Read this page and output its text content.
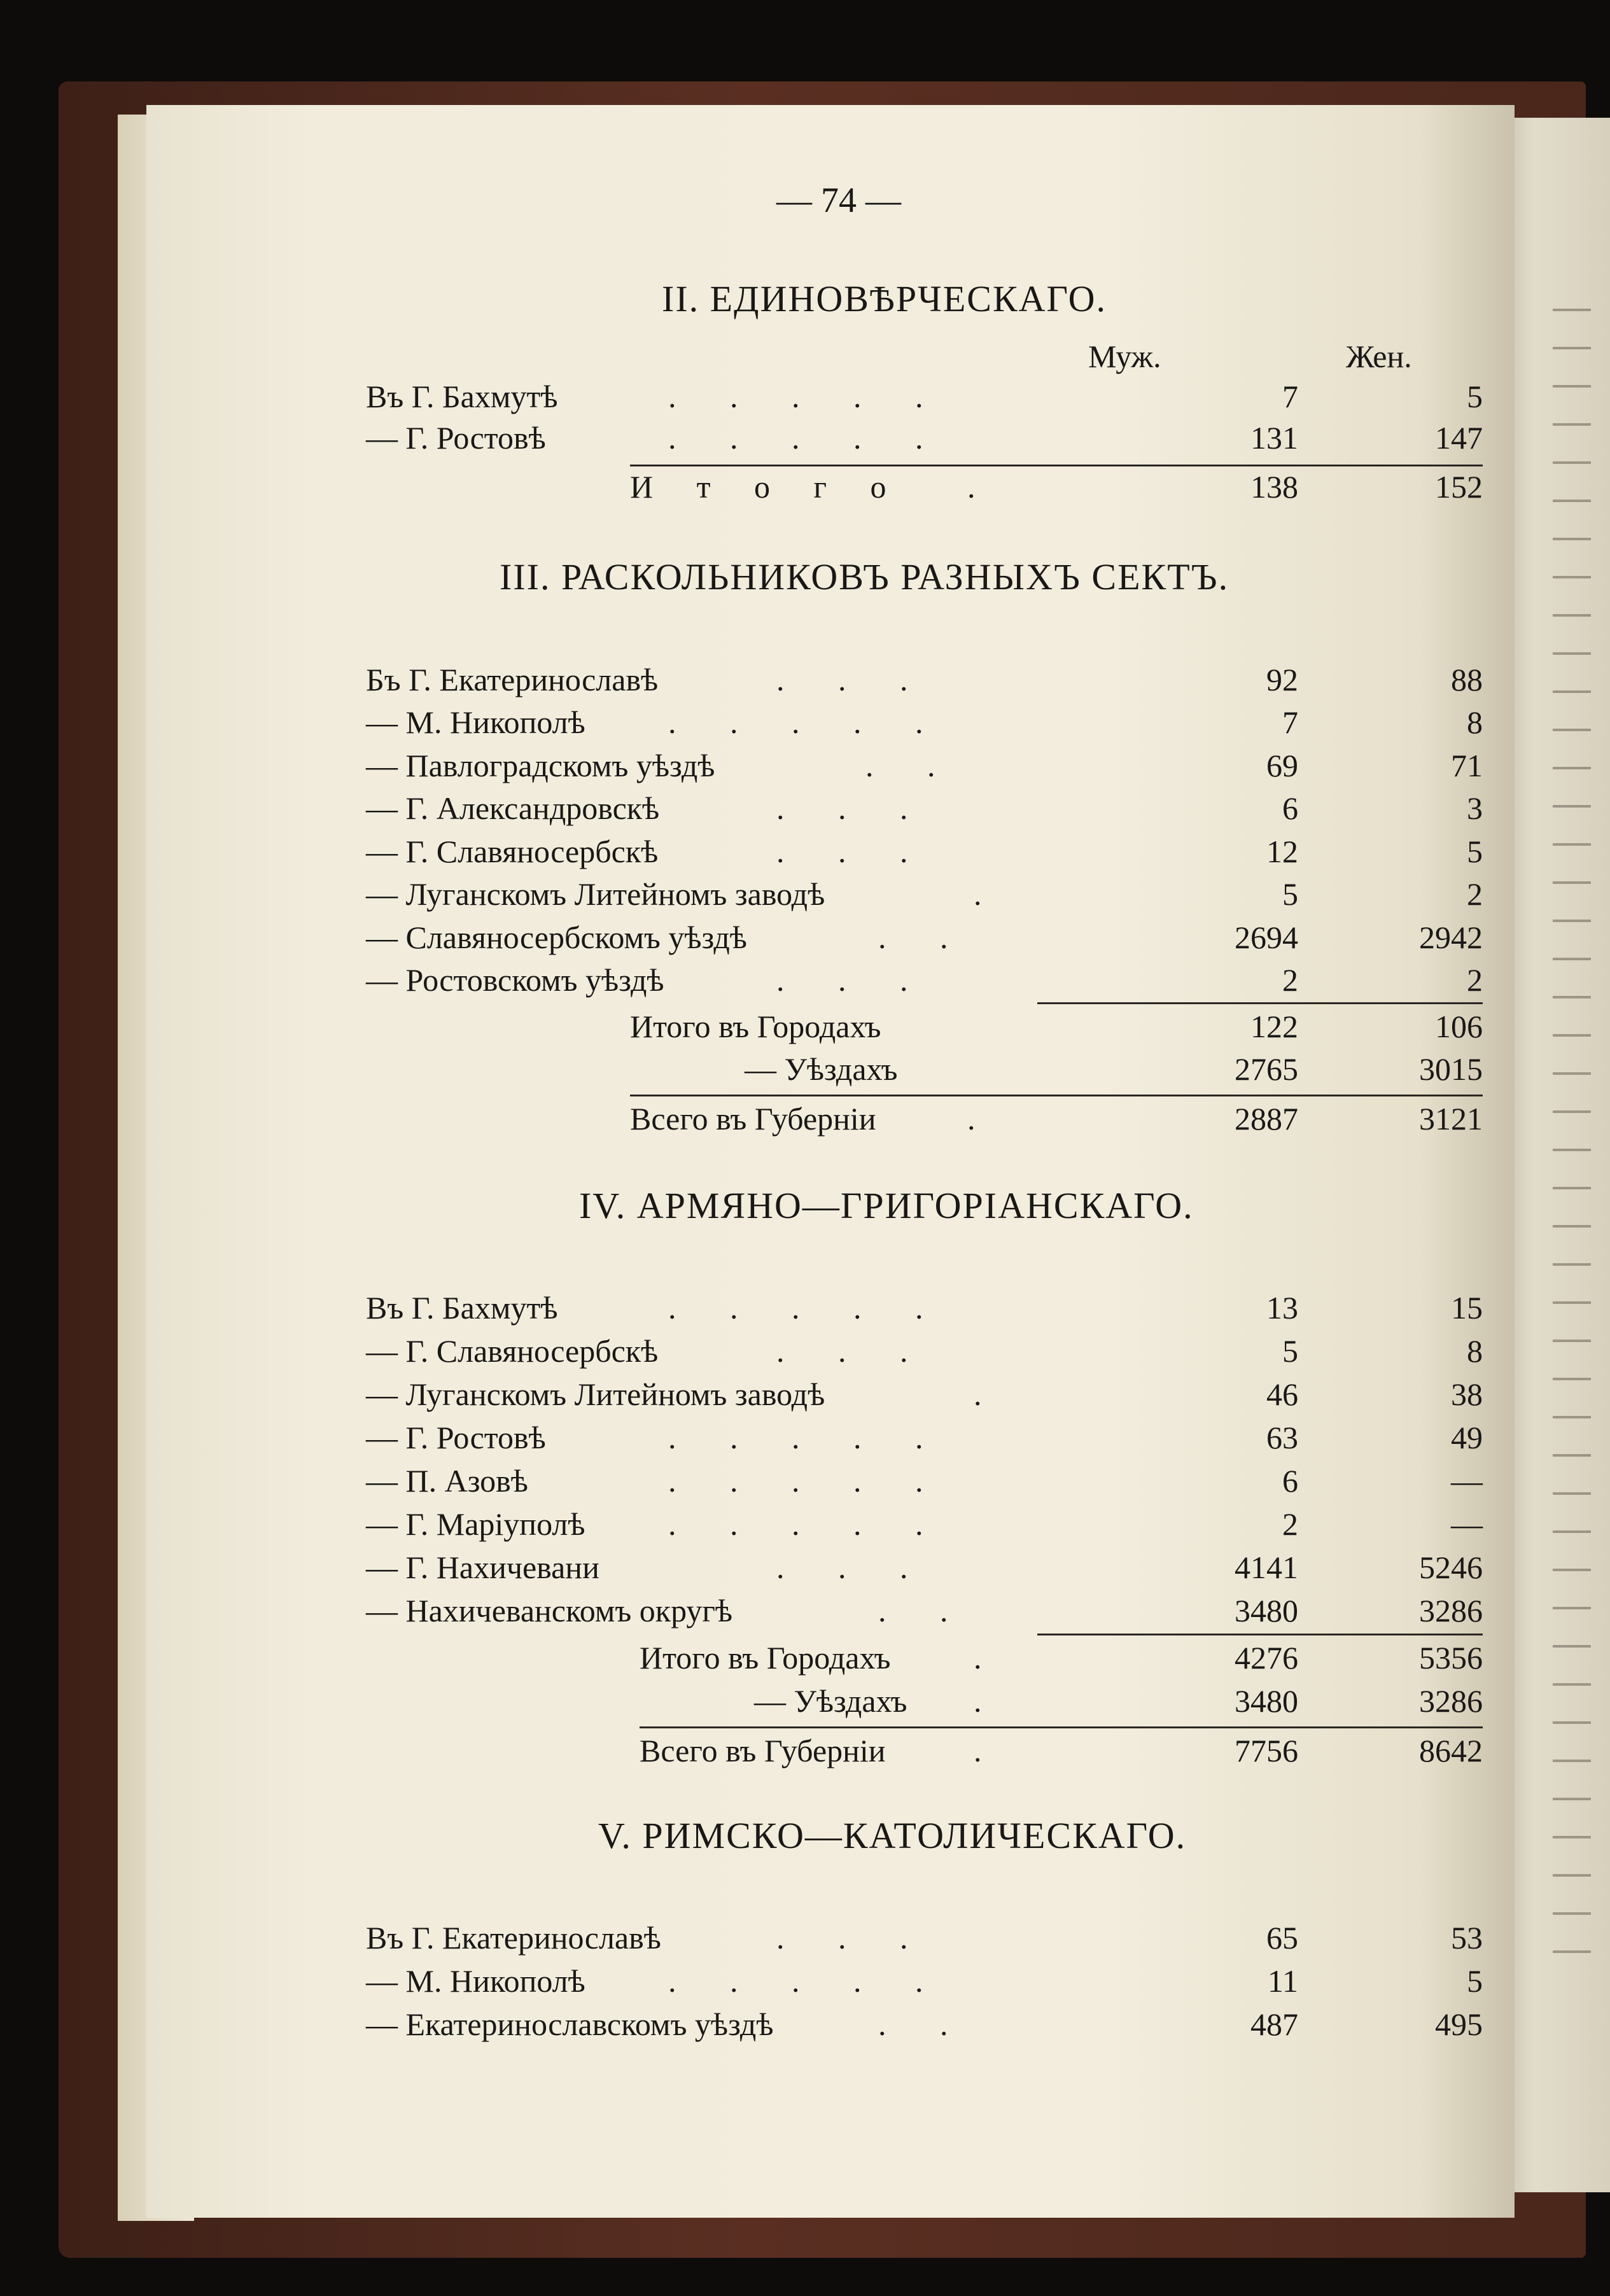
— 74 —
II. ЕДИНОВѢРЧЕСКАГО.
Муж.	Жен.
Въ Г. Бахмутѣ	. . . . .	7	5
— Г. Ростовѣ	. . . . .	131	147
И т о г о .	138	152
III. РАСКОЛЬНИКОВЪ РАЗНЫХЪ СЕКТЪ.
Бъ Г. Екатеринославѣ	. . .	92	88
— М. Никополѣ	. . . . .	7	8
— Павлоградскомъ уѣздѣ	. .	69	71
— Г. Александровскѣ	. . .	6	3
— Г. Славяносербскѣ	. . .	12	5
— Луганскомъ Литейномъ заводѣ	.	5	2
— Славяносербскомъ уѣздѣ	. .	2694	2942
— Ростовскомъ уѣздѣ	. . .	2	2
Итого въ Городахъ	122	106
— Уѣздахъ	2765	3015
Всего въ Губерніи	.	2887	3121
IV. АРМЯНО—ГРИГОРІАНСКАГО.
Въ Г. Бахмутѣ	. . . . .	13	15
— Г. Славяносербскѣ	. . .	5	8
— Луганскомъ Литейномъ заводѣ	.	46	38
— Г. Ростовѣ	. . . . .	63	49
— П. Азовѣ	. . . . .	6	—
— Г. Маріуполѣ	. . . . .	2	—
— Г. Нахичевани	. . .	4141	5246
— Нахичеванскомъ округѣ	. .	3480	3286
Итого въ Городахъ	.	4276	5356
— Уѣздахъ .	3480	3286
Всего въ Губерніи	.	7756	8642
V. РИМСКО—КАТОЛИЧЕСКАГО.
Въ Г. Екатеринославѣ	. . .	65	53
— М. Никополѣ	. . . . .	11	5
— Екатеринославскомъ уѣздѣ	. .	487	495
